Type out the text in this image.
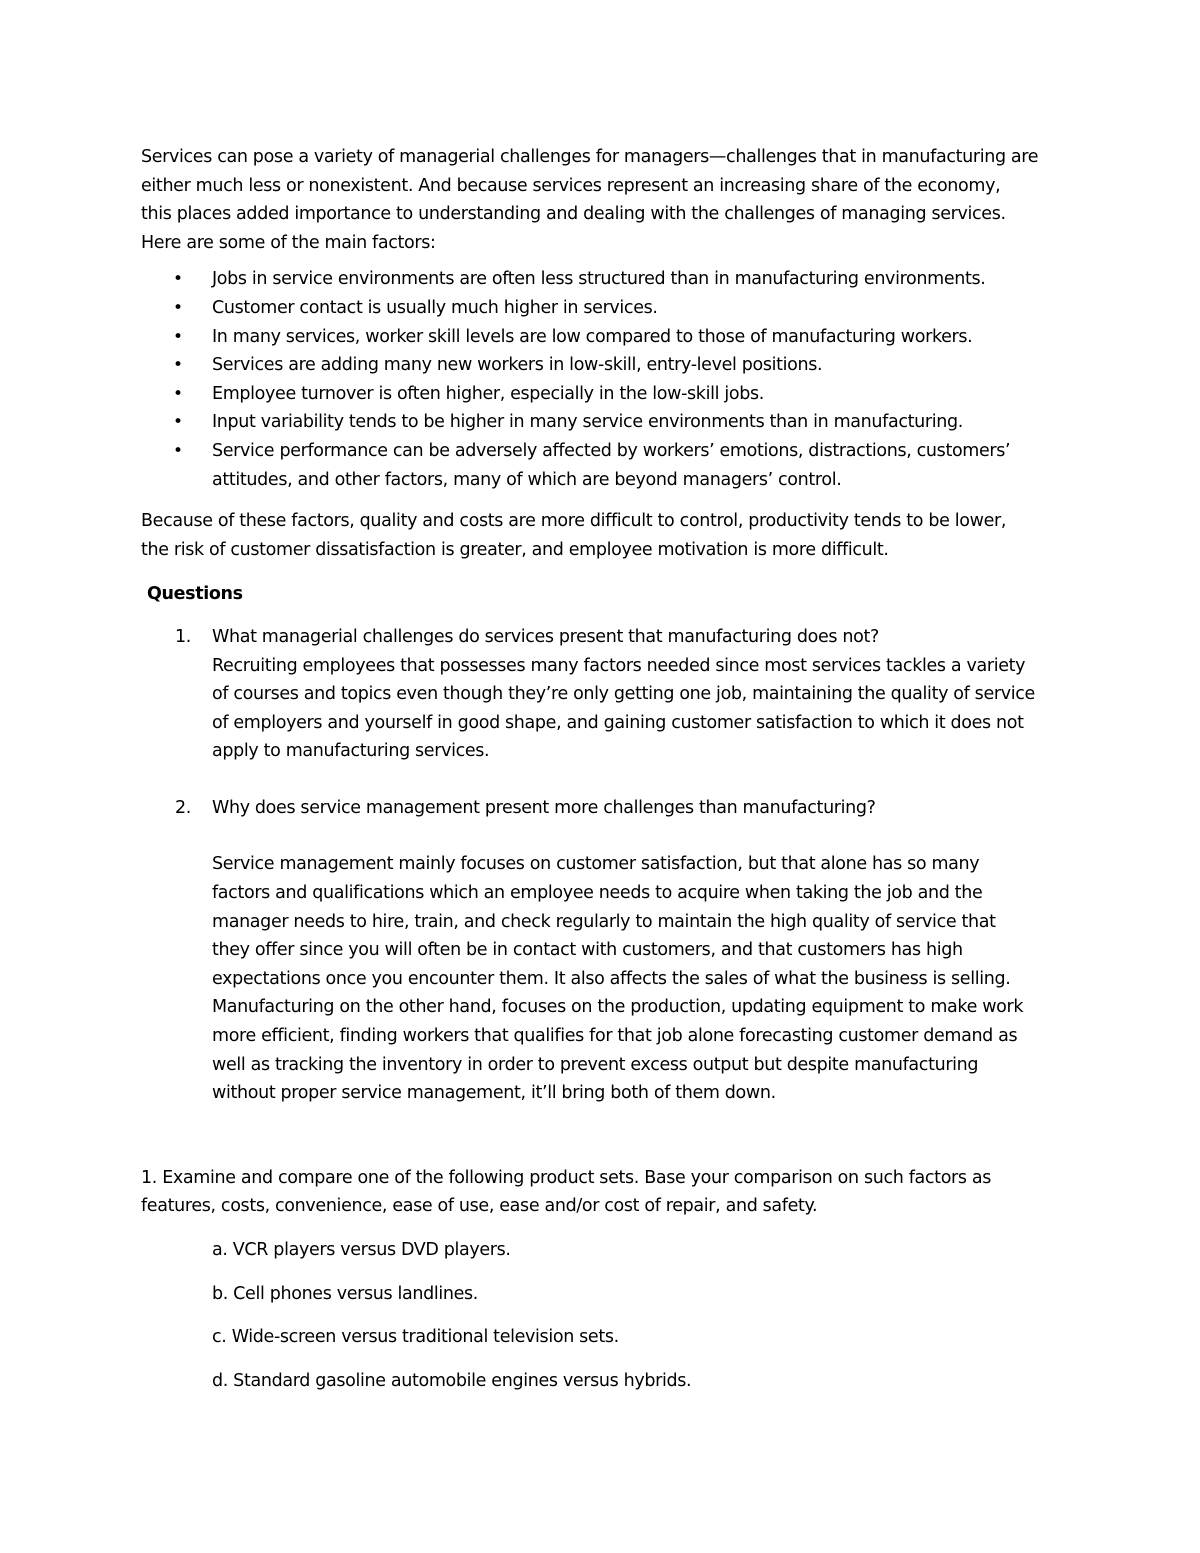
Services can pose a variety of managerial challenges for managers—challenges that in manufacturing are
either much less or nonexistent. And because services represent an increasing share of the economy,
this places added importance to understanding and dealing with the challenges of managing services.
Here are some of the main factors:

• Jobs in service environments are often less structured than in manufacturing environments.
• Customer contact is usually much higher in services.
• In many services, worker skill levels are low compared to those of manufacturing workers.
• Services are adding many new workers in low-skill, entry-level positions.
• Employee turnover is often higher, especially in the low-skill jobs.
• Input variability tends to be higher in many service environments than in manufacturing.
• Service performance can be adversely affected by workers’ emotions, distractions, customers’
attitudes, and other factors, many of which are beyond managers’ control.

Because of these factors, quality and costs are more difficult to control, productivity tends to be lower,
the risk of customer dissatisfaction is greater, and employee motivation is more difficult.

Questions

1. What managerial challenges do services present that manufacturing does not?
Recruiting employees that possesses many factors needed since most services tackles a variety
of courses and topics even though they’re only getting one job, maintaining the quality of service
of employers and yourself in good shape, and gaining customer satisfaction to which it does not
apply to manufacturing services.
2. Why does service management present more challenges than manufacturing?

Service management mainly focuses on customer satisfaction, but that alone has so many
factors and qualifications which an employee needs to acquire when taking the job and the
manager needs to hire, train, and check regularly to maintain the high quality of service that
they offer since you will often be in contact with customers, and that customers has high
expectations once you encounter them. It also affects the sales of what the business is selling.
Manufacturing on the other hand, focuses on the production, updating equipment to make work
more efficient, finding workers that qualifies for that job alone forecasting customer demand as
well as tracking the inventory in order to prevent excess output but despite manufacturing
without proper service management, it’ll bring both of them down.

1. Examine and compare one of the following product sets. Base your comparison on such factors as
features, costs, convenience, ease of use, ease and/or cost of repair, and safety.

a. VCR players versus DVD players.

b. Cell phones versus landlines.

c. Wide-screen versus traditional television sets.

d. Standard gasoline automobile engines versus hybrids.
